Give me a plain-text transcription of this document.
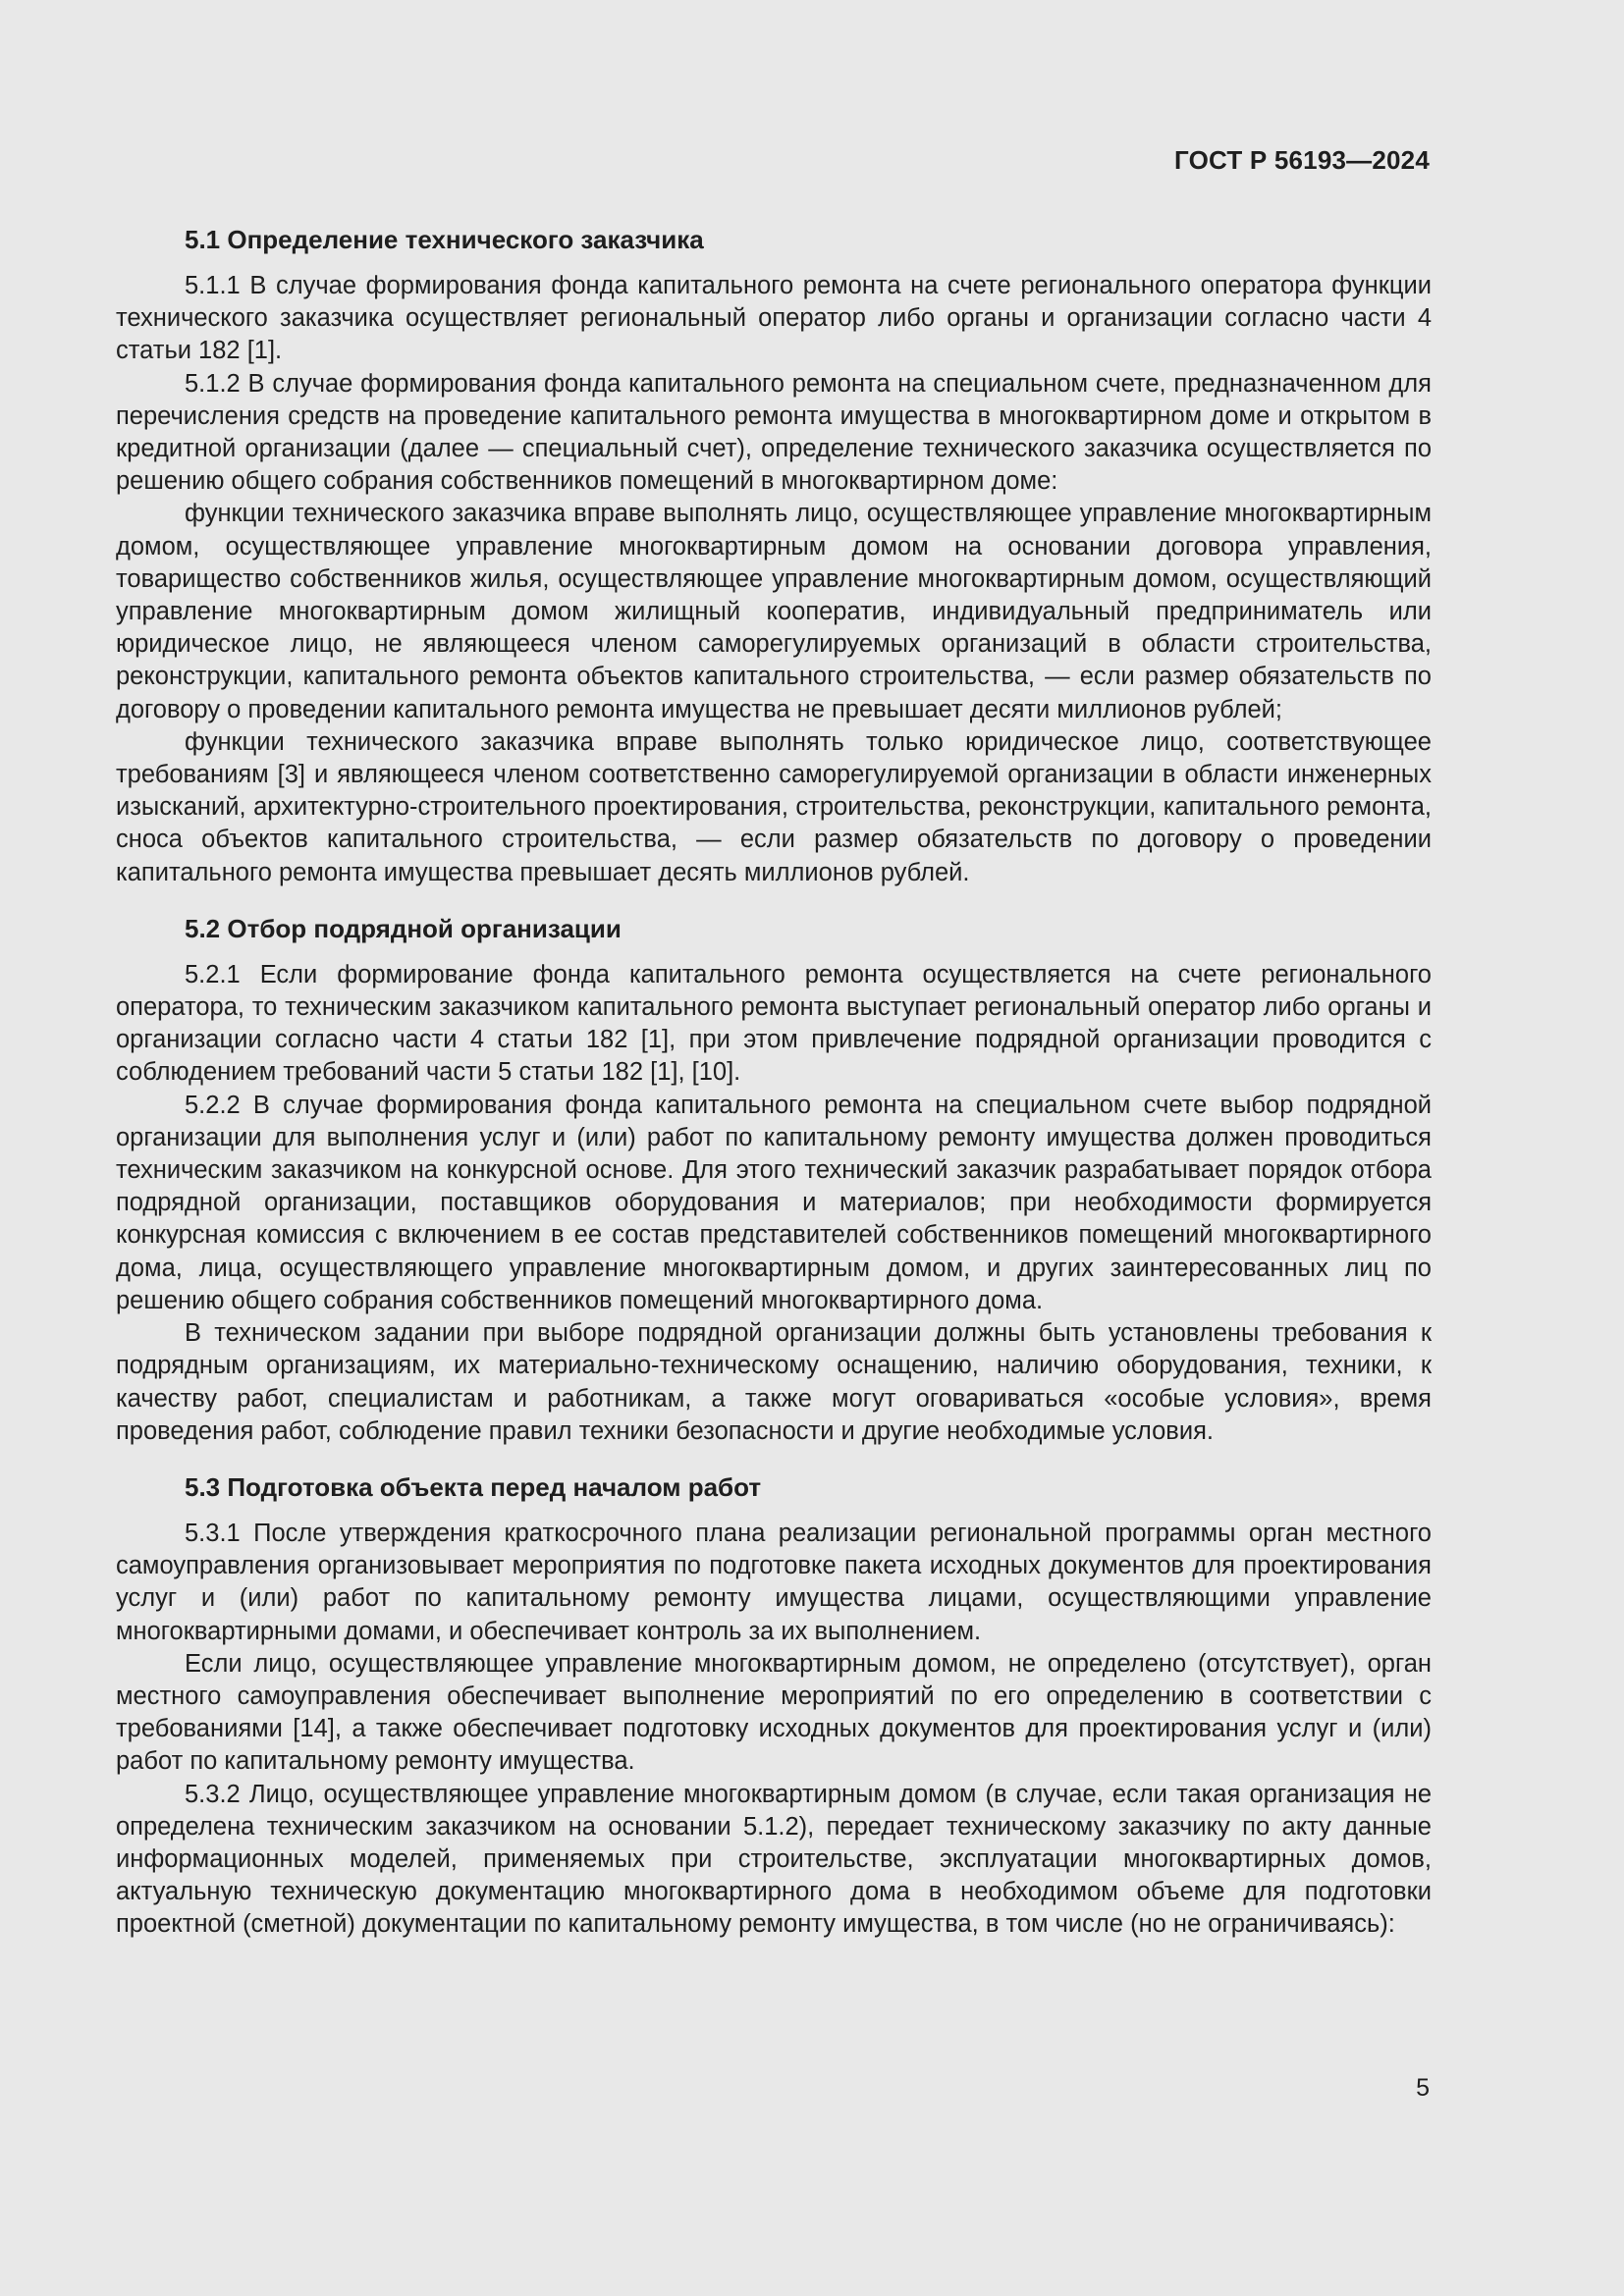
ГОСТ Р 56193—2024
5.1 Определение технического заказчика

5.1.1 В случае формирования фонда капитального ремонта на счете регионального оператора функции технического заказчика осуществляет региональный оператор либо органы и организации согласно части 4 статьи 182 [1].

5.1.2 В случае формирования фонда капитального ремонта на специальном счете, предназначенном для перечисления средств на проведение капитального ремонта имущества в многоквартирном доме и открытом в кредитной организации (далее — специальный счет), определение технического заказчика осуществляется по решению общего собрания собственников помещений в многоквартирном доме:

функции технического заказчика вправе выполнять лицо, осуществляющее управление многоквартирным домом, осуществляющее управление многоквартирным домом на основании договора управления, товарищество собственников жилья, осуществляющее управление многоквартирным домом, осуществляющий управление многоквартирным домом жилищный кооператив, индивидуальный предприниматель или юридическое лицо, не являющееся членом саморегулируемых организаций в области строительства, реконструкции, капитального ремонта объектов капитального строительства, — если размер обязательств по договору о проведении капитального ремонта имущества не превышает десяти миллионов рублей;

функции технического заказчика вправе выполнять только юридическое лицо, соответствующее требованиям [3] и являющееся членом соответственно саморегулируемой организации в области инженерных изысканий, архитектурно-строительного проектирования, строительства, реконструкции, капитального ремонта, сноса объектов капитального строительства, — если размер обязательств по договору о проведении капитального ремонта имущества превышает десять миллионов рублей.

5.2 Отбор подрядной организации

5.2.1 Если формирование фонда капитального ремонта осуществляется на счете регионального оператора, то техническим заказчиком капитального ремонта выступает региональный оператор либо органы и организации согласно части 4 статьи 182 [1], при этом привлечение подрядной организации проводится с соблюдением требований части 5 статьи 182 [1], [10].

5.2.2 В случае формирования фонда капитального ремонта на специальном счете выбор подрядной организации для выполнения услуг и (или) работ по капитальному ремонту имущества должен проводиться техническим заказчиком на конкурсной основе. Для этого технический заказчик разрабатывает порядок отбора подрядной организации, поставщиков оборудования и материалов; при необходимости формируется конкурсная комиссия с включением в ее состав представителей собственников помещений многоквартирного дома, лица, осуществляющего управление многоквартирным домом, и других заинтересованных лиц по решению общего собрания собственников помещений многоквартирного дома.

В техническом задании при выборе подрядной организации должны быть установлены требования к подрядным организациям, их материально-техническому оснащению, наличию оборудования, техники, к качеству работ, специалистам и работникам, а также могут оговариваться «особые условия», время проведения работ, соблюдение правил техники безопасности и другие необходимые условия.

5.3 Подготовка объекта перед началом работ

5.3.1 После утверждения краткосрочного плана реализации региональной программы орган местного самоуправления организовывает мероприятия по подготовке пакета исходных документов для проектирования услуг и (или) работ по капитальному ремонту имущества лицами, осуществляющими управление многоквартирными домами, и обеспечивает контроль за их выполнением.

Если лицо, осуществляющее управление многоквартирным домом, не определено (отсутствует), орган местного самоуправления обеспечивает выполнение мероприятий по его определению в соответствии с требованиями [14], а также обеспечивает подготовку исходных документов для проектирования услуг и (или) работ по капитальному ремонту имущества.

5.3.2 Лицо, осуществляющее управление многоквартирным домом (в случае, если такая организация не определена техническим заказчиком на основании 5.1.2), передает техническому заказчику по акту данные информационных моделей, применяемых при строительстве, эксплуатации многоквартирных домов, актуальную техническую документацию многоквартирного дома в необходимом объеме для подготовки проектной (сметной) документации по капитальному ремонту имущества, в том числе (но не ограничиваясь):

5
